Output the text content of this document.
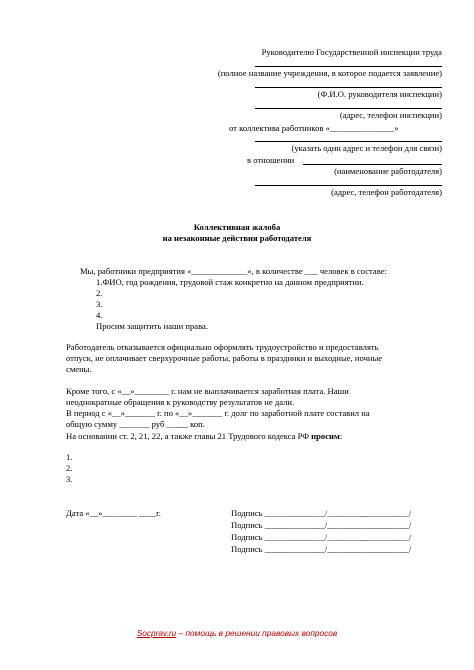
Руководителю Государственной инспекции труда
(полное название учреждения, в которое подается заявление)
(Ф.И.О. руководителя инспекции)
(адрес, телефон инспекции)
от коллектива работников «_______________»
(указать один адрес и телефон для связи)
в отношении
(наименование работодателя)
(адрес, телефон работодателя)
Коллективная жалоба
на незаконные действия работодателя
Мы, работники предприятия «_____________», в количестве ___ человек в составе:
1.ФИО, год рождения, трудовой стаж конкретно на данном предприятии.
2.
3.
4.
Просим защитить наши права.
Работодатель отказывается официально оформлять трудоустройство и предоставлять
отпуск, не оплачивает сверхурочные работы, работы в праздники и выходные, ночные
смены.
Кроме того, с «__»________ г. нам не выплачивается заработная плата. Наши
неоднократные обращения к руководству результатов не дали.
В период с «__»_______ г. по «__»_______ г. долг по заработной плате составил на
общую сумму _______ руб _____ коп.
На основании ст. 2, 21, 22, а также главы 21 Трудового кодекса РФ просим:
1.
2.
3.
Дата «__»________ ____г.	Подпись ______________/___________________/
Подпись ______________/___________________/
Подпись ______________/___________________/
Подпись ______________/___________________/
Socprav.ru – помощь в решении правовых вопросов
